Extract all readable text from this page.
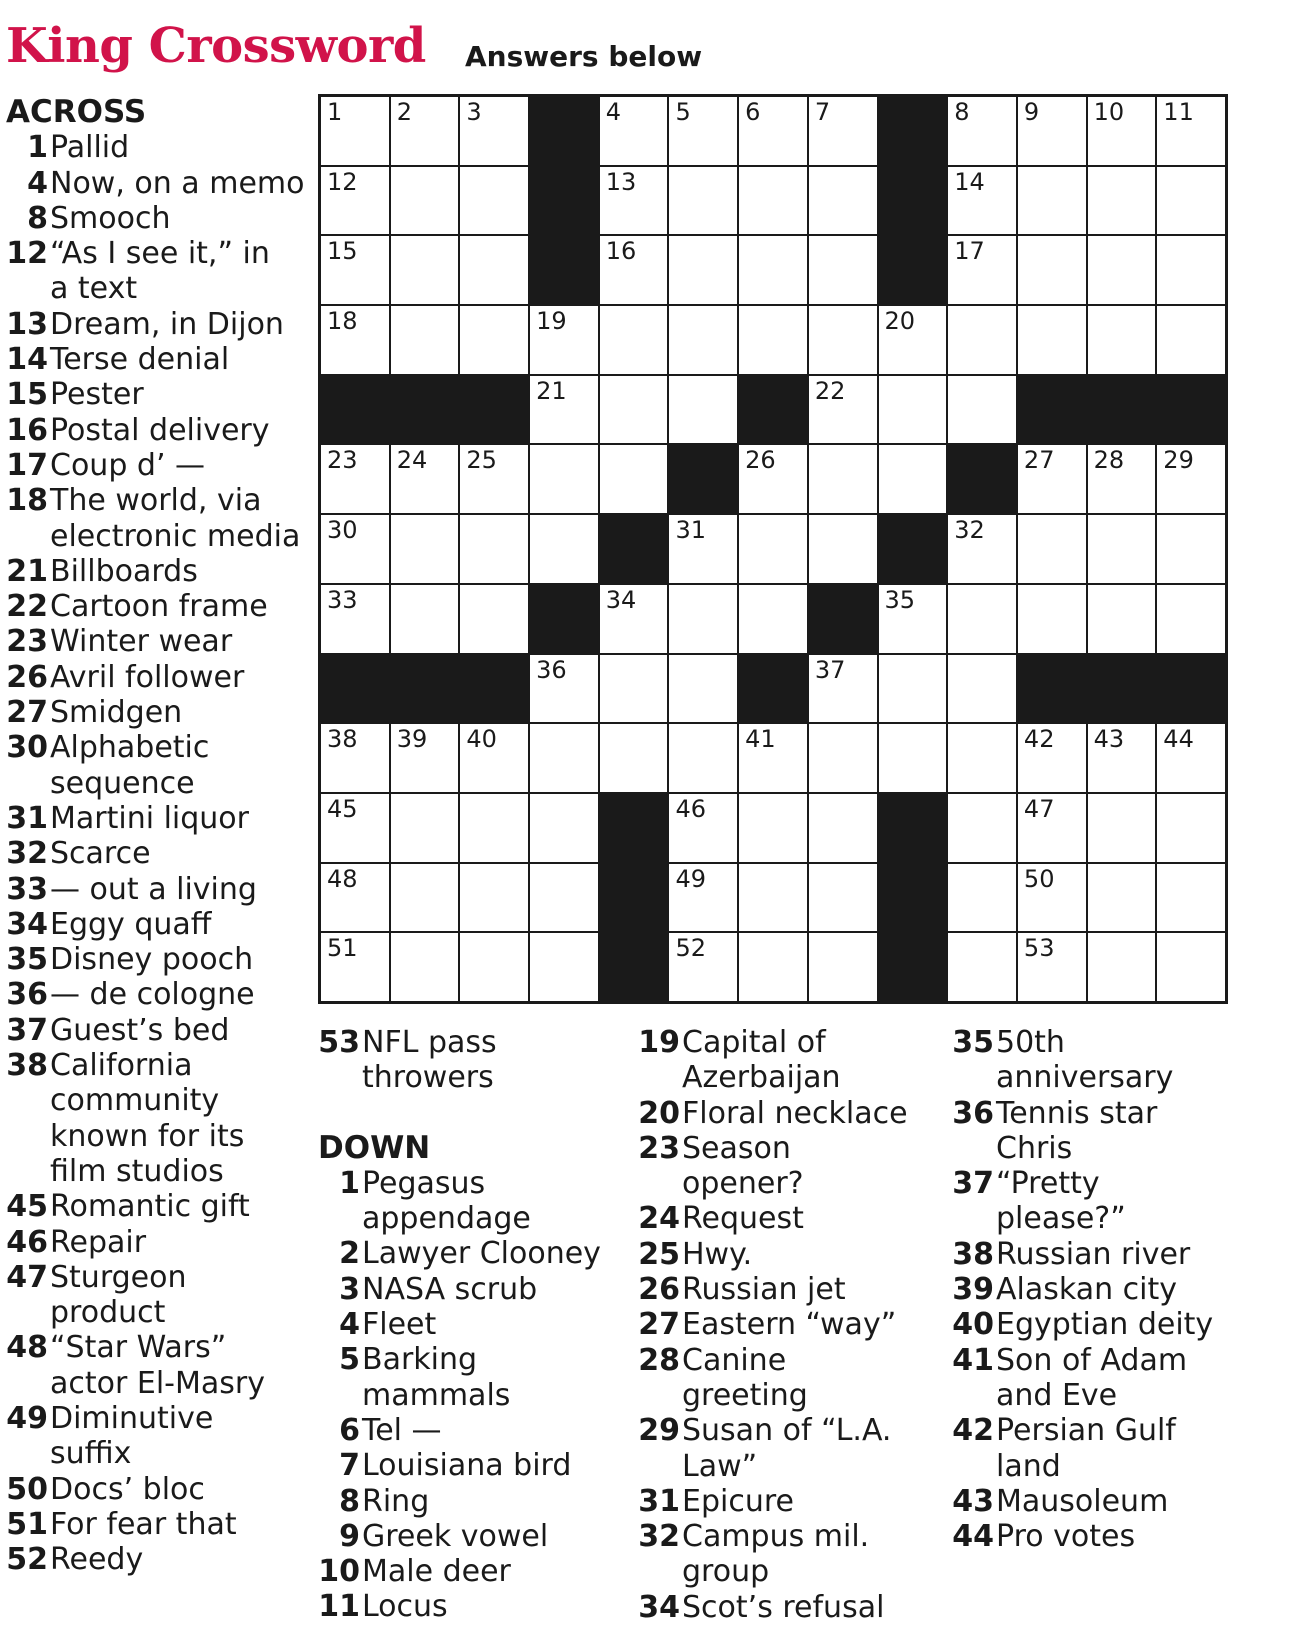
King Crossword Answers below
1 2 3	4 5 6 7	8 9 10 11
12	13	14
15	16	17
18	19	20
21	22
23 24 25	26	27 28 29
30	31	32
33	34	35
36	37
38 39 40	41	42 43 44
45	46	47
48	49	50
51	52	53
ACROSS
1 Pallid
4 Now, on a memo
8 Smooch
12 “As I see it,” in
a text
13 Dream, in Dijon
14 Terse denial
15 Pester
16 Postal delivery
17 Coup d’ —
18 The world, via
electronic media
21 Billboards
22 Cartoon frame
23 Winter wear
26 Avril follower
27 Smidgen
30 Alphabetic
sequence
31 Martini liquor
32 Scarce
33 — out a living
34 Eggy quaff
35 Disney pooch
36 — de cologne
37 Guest’s bed
38 California
community
known for its
film studios
45 Romantic gift
46 Repair
47 Sturgeon
product
48 “Star Wars”
actor El-Masry
49 Diminutive
suffix
50 Docs’ bloc
51 For fear that
52 Reedy
53 NFL pass
throwers
DOWN
1 Pegasus
appendage
2 Lawyer Clooney
3 NASA scrub
4 Fleet
5 Barking
mammals
6 Tel —
7 Louisiana bird
8 Ring
9 Greek vowel
10 Male deer
11 Locus
19 Capital of
Azerbaijan
20 Floral necklace
23 Season
opener?
24 Request
25 Hwy.
26 Russian jet
27 Eastern “way”
28 Canine
greeting
29 Susan of “L.A.
Law”
31 Epicure
32 Campus mil.
group
34 Scot’s refusal
35 50th
anniversary
36 Tennis star
Chris
37 “Pretty
please?”
38 Russian river
39 Alaskan city
40 Egyptian deity
41 Son of Adam
and Eve
42 Persian Gulf
land
43 Mausoleum
44 Pro votes
